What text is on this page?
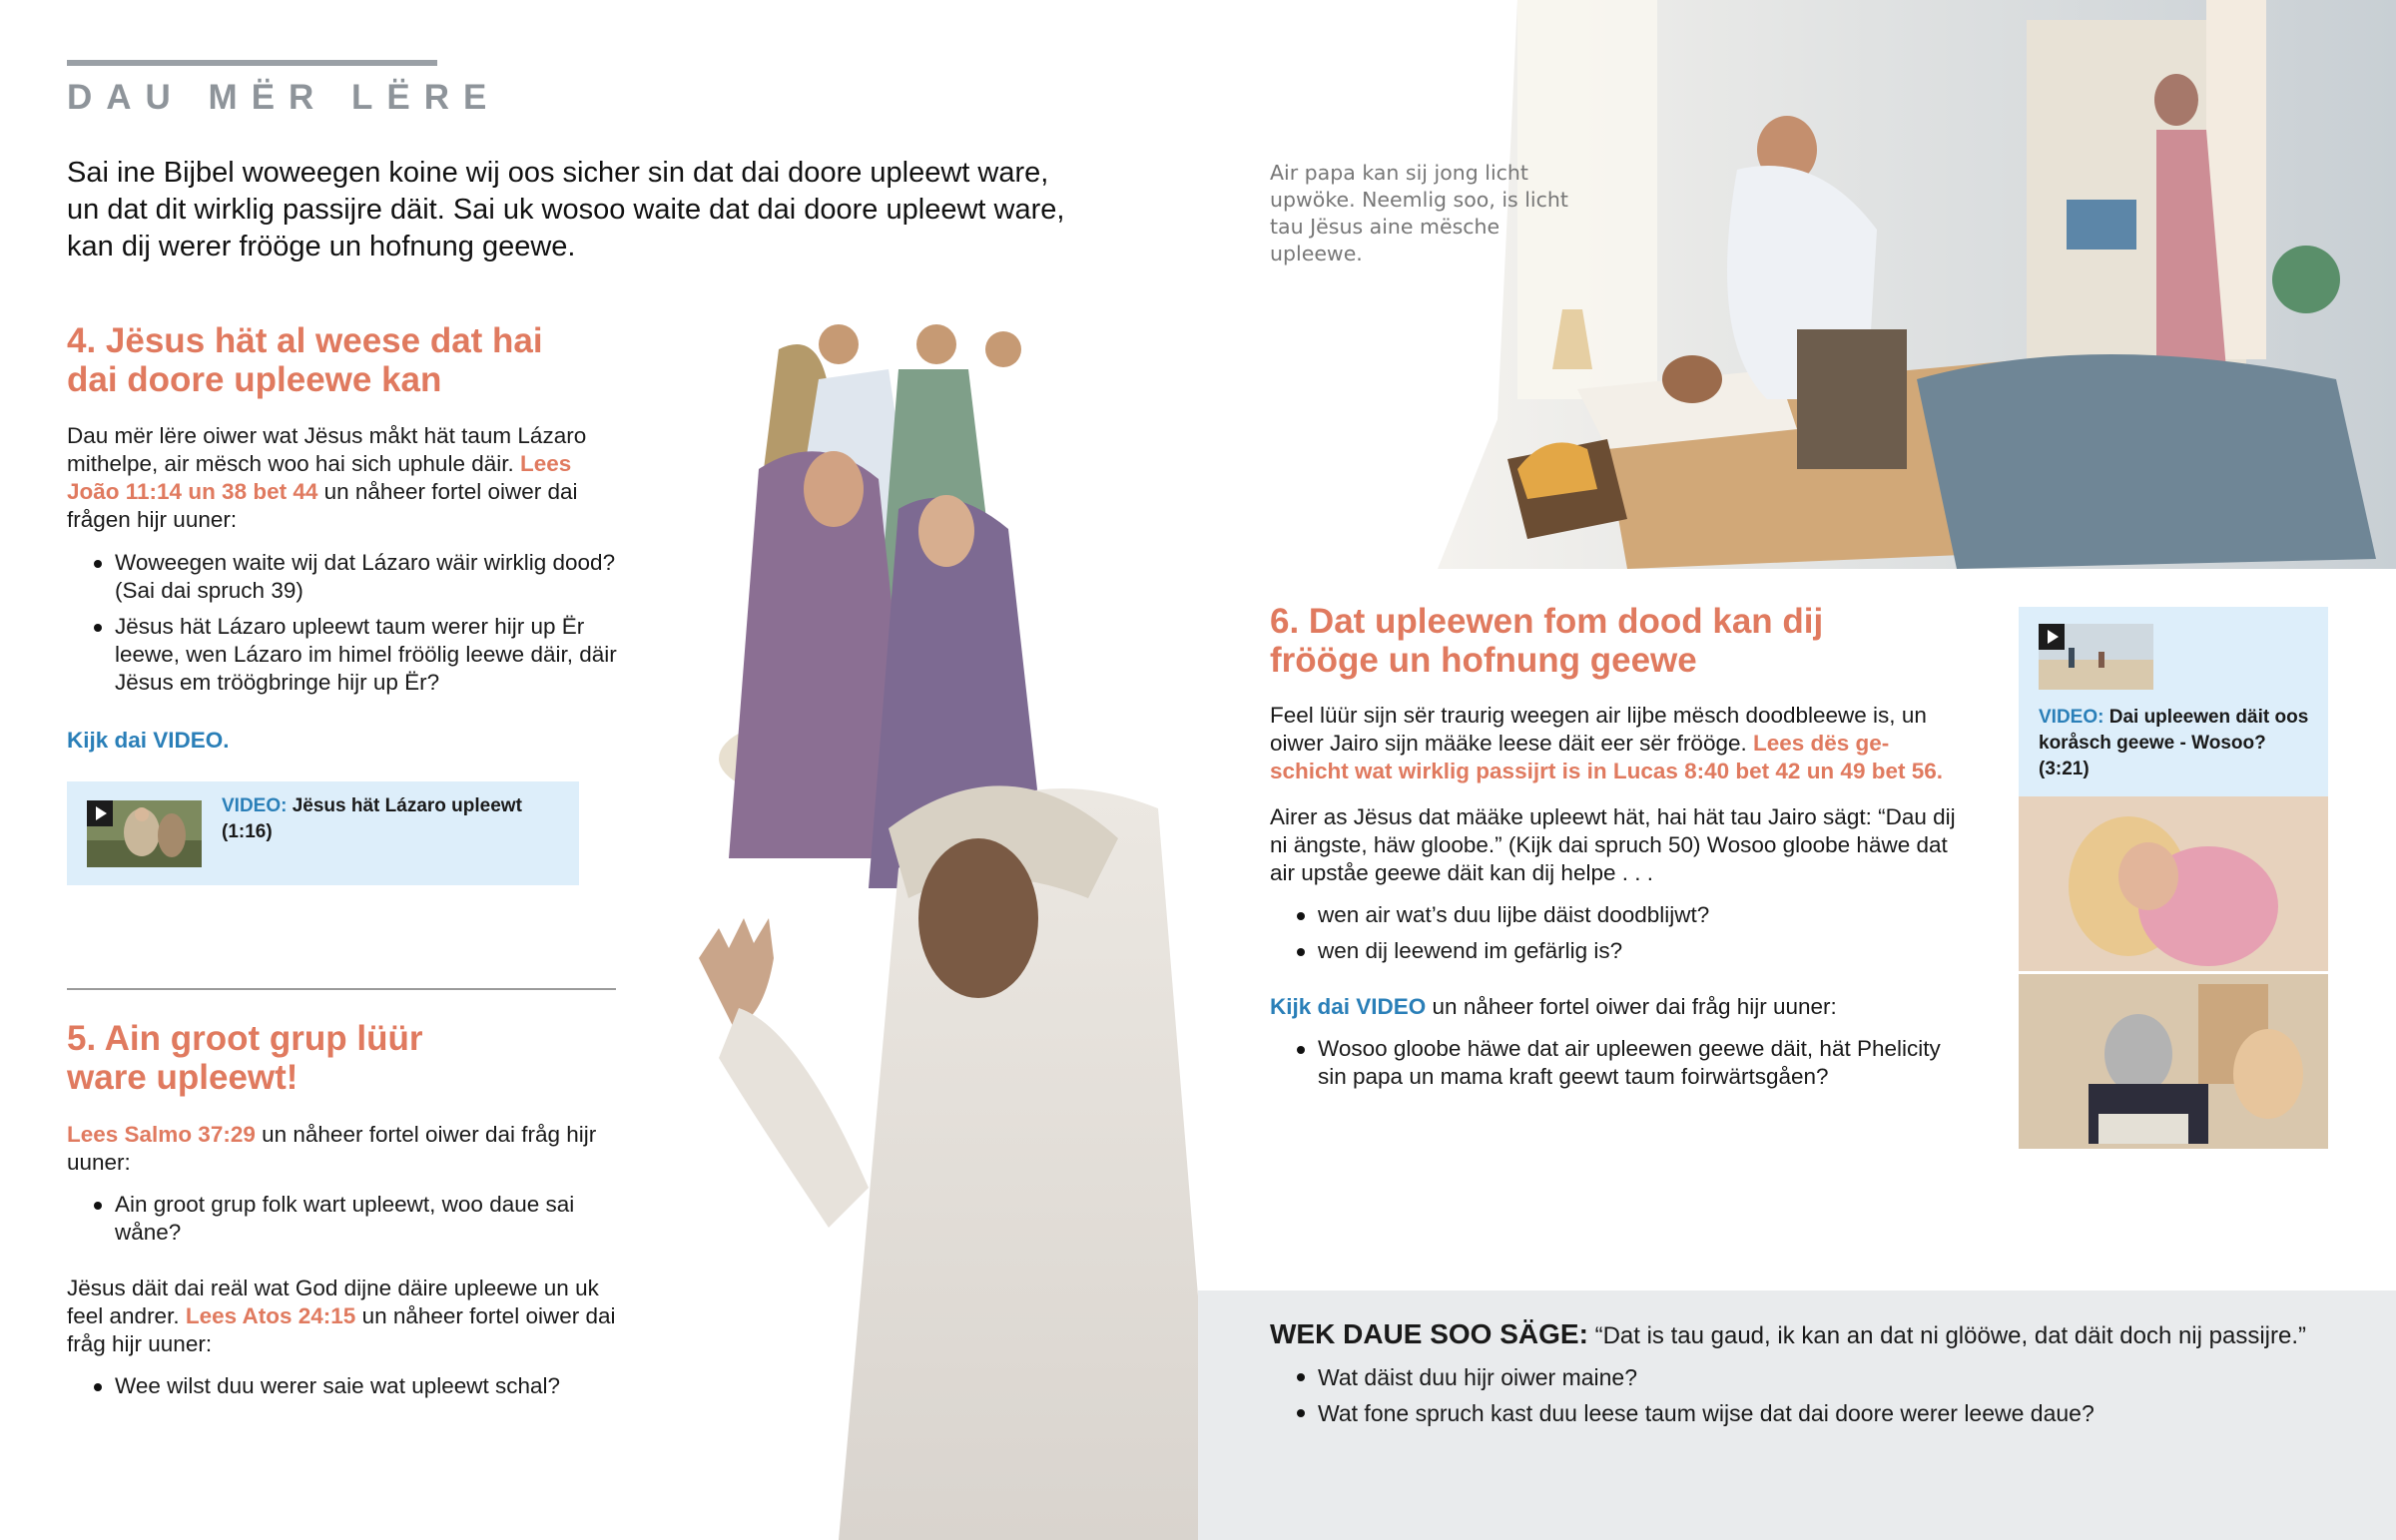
DAU MËR LËRE

Sai ine Bijbel woweegen koine wij oos sicher sin dat dai doore upleewt ware, un dat dit wirklig passijre däit. Sai uk wosoo waite dat dai doore upleewt ware, kan dij werer frööge un hofnung geewe.

4. Jësus hät al weese dat hai
dai doore upleewe kan

Dau mër lëre oiwer wat Jësus måkt hät taum Lázaro mithelpe, air mësch woo hai sich uphule däir. Lees João 11:14 un 38 bet 44 un nåheer fortel oiwer dai frågen hijr uuner:

Woweegen waite wij dat Lázaro wäir wirklig dood? (Sai dai spruch 39)
Jësus hät Lázaro upleewt taum werer hijr up Ër leewe, wen Lázaro im himel fröölig leewe däir, däir Jësus em tröögbringe hijr up Ër?
Kijk dai VIDEO.
VIDEO: Jësus hät Lázaro upleewt
(1:16)
5. Ain groot grup lüür
ware upleewt!

Lees Salmo 37:29 un nåheer fortel oiwer dai fråg hijr uuner:

Ain groot grup folk wart upleewt, woo daue sai wåne?

Jësus däit dai reäl wat God dijne däire upleewe un uk feel andrer. Lees Atos 24:15 un nåheer fortel oiwer dai fråg hijr uuner:

Wee wilst duu werer saie wat upleewt schal?
Air papa kan sij jong licht upwöke. Neemlig soo, is licht tau Jësus aine mësche upleewe.
6. Dat upleewen fom dood kan dij
frööge un hofnung geewe

Feel lüür sijn sër traurig weegen air lijbe mësch doodbleewe is, un oiwer Jairo sijn määke leese däit eer sër frööge. Lees dës ge- schicht wat wirklig passijrt is in Lucas 8:40 bet 42 un 49 bet 56.

Airer as Jësus dat määke upleewt hät, hai hät tau Jairo sägt: “Dau dij ni ängste, häw gloobe.” (Kijk dai spruch 50) Wosoo gloobe häwe dat air upståe geewe däit kan dij helpe . . .

wen air wat’s duu lijbe däist doodblijwt?
wen dij leewend im gefärlig is?

Kijk dai VIDEO un nåheer fortel oiwer dai fråg hijr uuner:

Wosoo gloobe häwe dat air upleewen geewe däit, hät Phelicity sin papa un mama kraft geewt taum foirwärtsgåen?
VIDEO: Dai upleewen däit oos koråsch geewe - Wosoo?
(3:21)

WEK DAUE SOO SÄGE: “Dat is tau gaud, ik kan an dat ni glööwe, dat däit doch nij passijre.”

Wat däist duu hijr oiwer maine?
Wat fone spruch kast duu leese taum wijse dat dai doore werer leewe daue?
